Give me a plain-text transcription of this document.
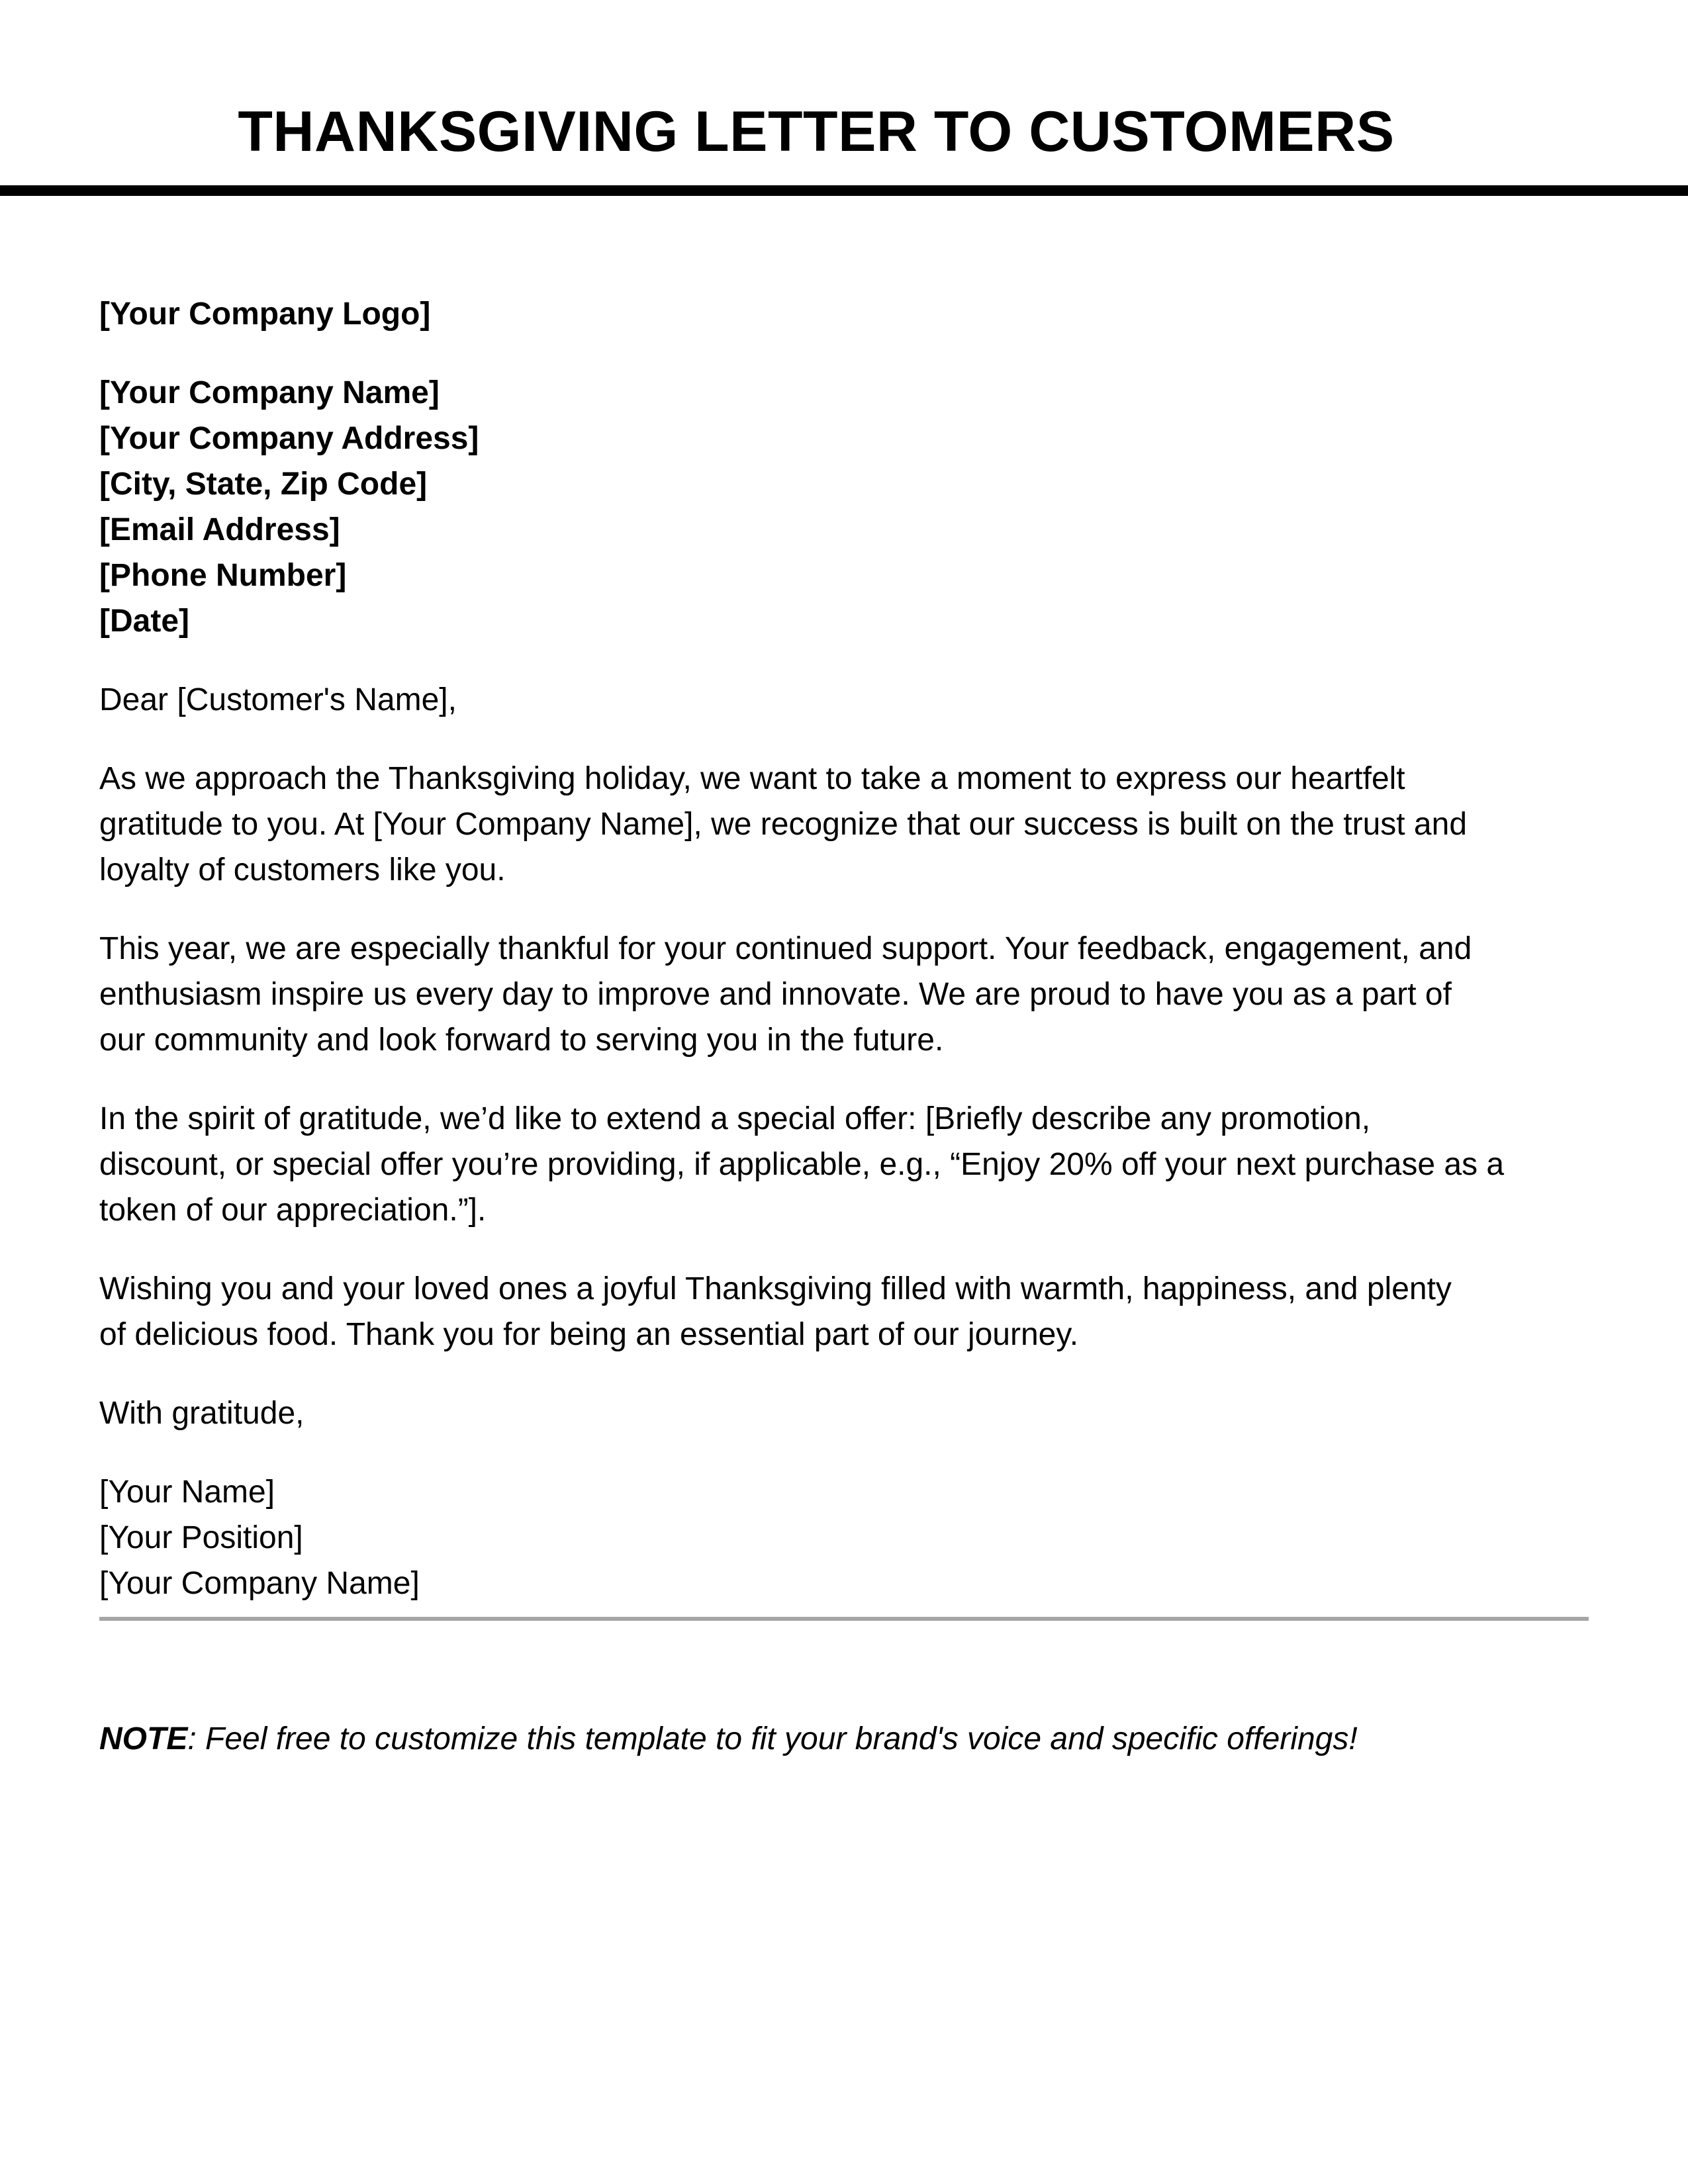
THANKSGIVING LETTER TO CUSTOMERS
[Your Company Logo]
[Your Company Name]
[Your Company Address]
[City, State, Zip Code]
[Email Address]
[Phone Number]
[Date]
Dear [Customer's Name],
As we approach the Thanksgiving holiday, we want to take a moment to express our heartfelt
gratitude to you. At [Your Company Name], we recognize that our success is built on the trust and
loyalty of customers like you.
This year, we are especially thankful for your continued support. Your feedback, engagement, and
enthusiasm inspire us every day to improve and innovate. We are proud to have you as a part of
our community and look forward to serving you in the future.
In the spirit of gratitude, we’d like to extend a special offer: [Briefly describe any promotion,
discount, or special offer you’re providing, if applicable, e.g., “Enjoy 20% off your next purchase as a
token of our appreciation.”].
Wishing you and your loved ones a joyful Thanksgiving filled with warmth, happiness, and plenty
of delicious food. Thank you for being an essential part of our journey.
With gratitude,
[Your Name]
[Your Position]
[Your Company Name]
NOTE: Feel free to customize this template to fit your brand's voice and specific offerings!
